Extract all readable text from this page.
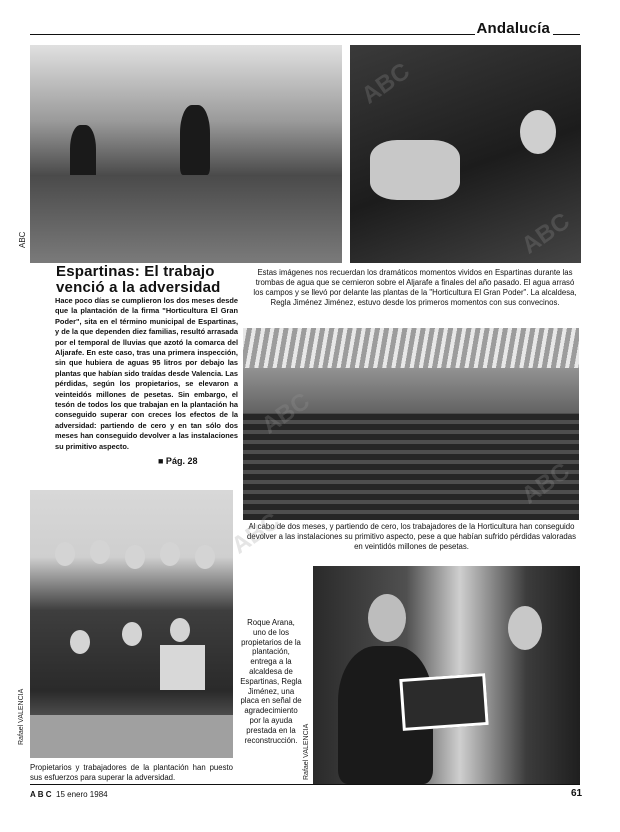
Andalucía
ABC
Espartinas: El trabajo venció a la adversidad
Hace poco días se cumplieron los dos meses desde que la plantación de la firma "Horticultura El Gran Poder", sita en el término municipal de Espartinas, y de la que dependen diez familias, resultó arrasada por el temporal de lluvias que azotó la comarca del Aljarafe. En este caso, tras una primera inspección, sin que hubiera de aguas 95 litros por debajo las plantas que habían sido traídas desde Valencia. Las pérdidas, según los propietarios, se elevaron a veinteidós millones de pesetas. Sin embargo, el tesón de todos los que trabajan en la plantación ha conseguido superar con creces los efectos de la adversidad: partiendo de cero y en tan sólo dos meses han conseguido devolver a las instalaciones su primitivo aspecto.
■ Pág. 28
Estas imágenes nos recuerdan los dramáticos momentos vividos en Espartinas durante las trombas de agua que se cernieron sobre el Aljarafe a finales del año pasado. El agua arrasó los campos y se llevó por delante las plantas de la "Horticultura El Gran Poder". La alcaldesa, Regla Jiménez Jiménez, estuvo desde los primeros momentos con sus convecinos.
Al cabo de dos meses, y partiendo de cero, los trabajadores de la Horticultura han conseguido devolver a las instalaciones su primitivo aspecto, pese a que habían sufrido pérdidas valoradas en veintidós millones de pesetas.
Rafael VALENCIA
Propietarios y trabajadores de la plantación han puesto sus esfuerzos para superar la adversidad.
Roque Arana, uno de los propietarios de la plantación, entrega a la alcaldesa de Espartinas, Regla Jiménez, una placa en señal de agradecimiento por la ayuda prestada en la reconstrucción. Rafael VALENCIA
ABC
ABC
ABC
ABC
ABC
A B C 15 enero 1984	61
